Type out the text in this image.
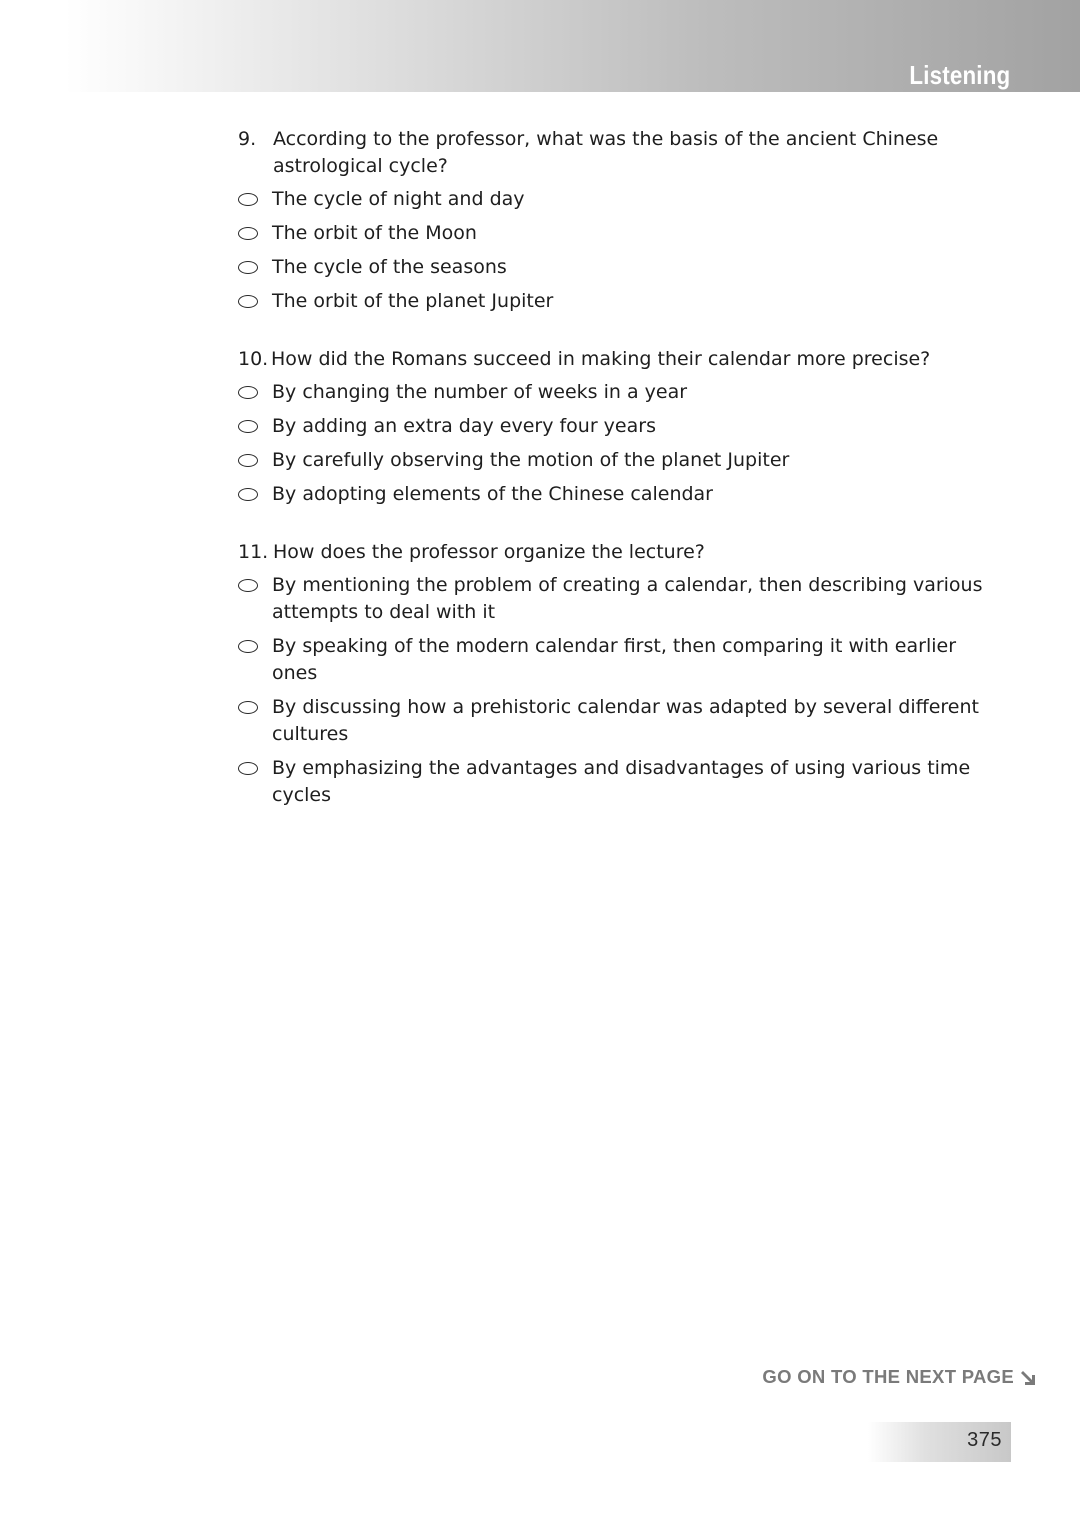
Listening
9. According to the professor, what was the basis of the ancient Chinese astrological cycle?
The cycle of night and day
The orbit of the Moon
The cycle of the seasons
The orbit of the planet Jupiter
10. How did the Romans succeed in making their calendar more precise?
By changing the number of weeks in a year
By adding an extra day every four years
By carefully observing the motion of the planet Jupiter
By adopting elements of the Chinese calendar
11. How does the professor organize the lecture?
By mentioning the problem of creating a calendar, then describing various attempts to deal with it
By speaking of the modern calendar first, then comparing it with earlier ones
By discussing how a prehistoric calendar was adapted by several different cultures
By emphasizing the advantages and disadvantages of using various time cycles
GO ON TO THE NEXT PAGE
375
